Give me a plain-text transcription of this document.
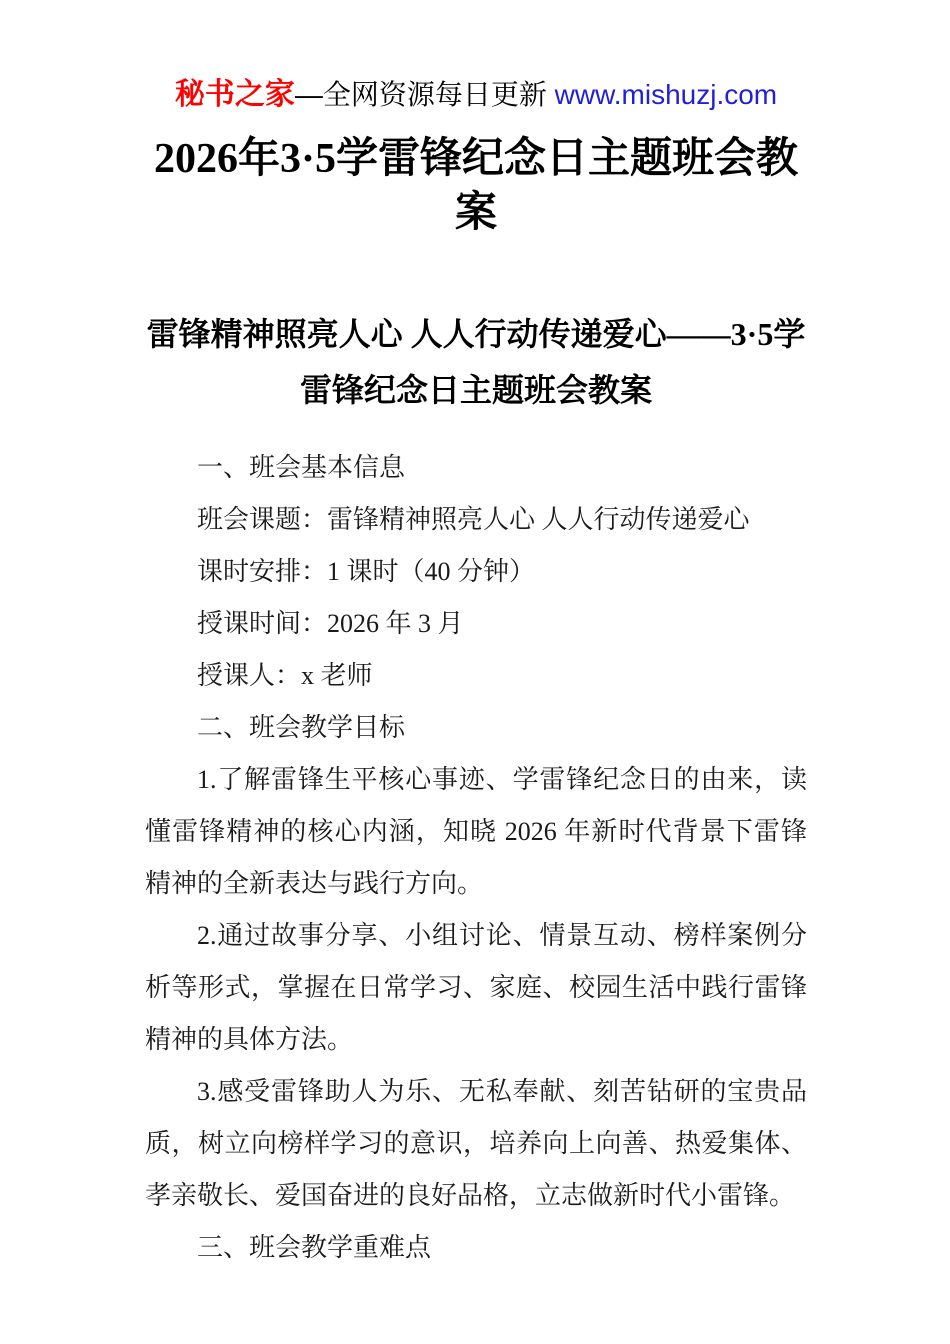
秘书之家—全网资源每日更新 www.mishuzj.com
2026年3·5学雷锋纪念日主题班会教案
雷锋精神照亮人心 人人行动传递爱心——3·5学雷锋纪念日主题班会教案

一、班会基本信息

班会课题：雷锋精神照亮人心 人人行动传递爱心

课时安排：1 课时（40 分钟）

授课时间：2026 年 3 月

授课人：x 老师

二、班会教学目标

1.了解雷锋生平核心事迹、学雷锋纪念日的由来，读懂雷锋精神的核心内涵，知晓 2026 年新时代背景下雷锋精神的全新表达与践行方向。

2.通过故事分享、小组讨论、情景互动、榜样案例分析等形式，掌握在日常学习、家庭、校园生活中践行雷锋精神的具体方法。

3.感受雷锋助人为乐、无私奉献、刻苦钻研的宝贵品质，树立向榜样学习的意识，培养向上向善、热爱集体、孝亲敬长、爱国奋进的良好品格，立志做新时代小雷锋。

三、班会教学重难点
